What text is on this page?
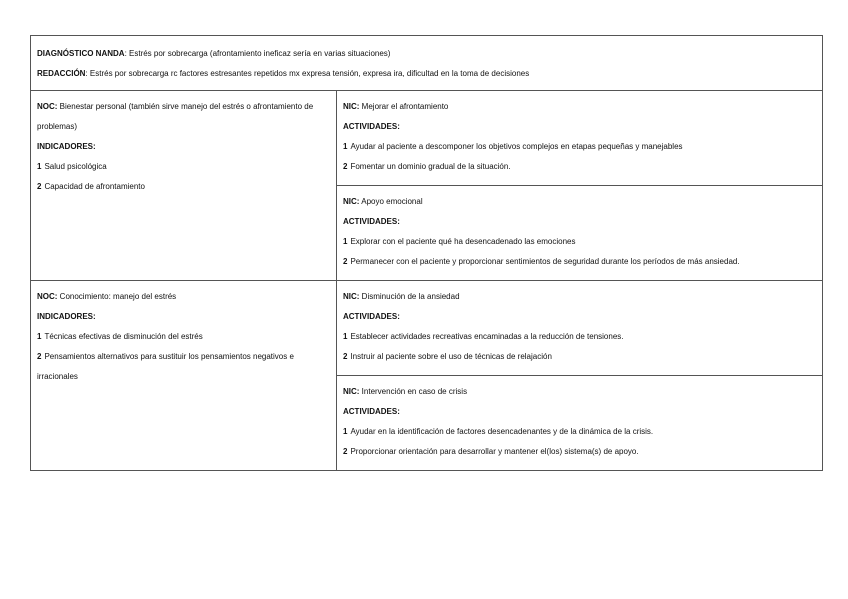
DIAGNÓSTICO NANDA: Estrés por sobrecarga (afrontamiento ineficaz sería en varias situaciones)
REDACCIÓN: Estrés por sobrecarga rc factores estresantes repetidos mx expresa tensión, expresa ira, dificultad en la toma de decisiones	

NOC: Bienestar personal (también sirve manejo del estrés o afrontamiento de problemas)
INDICADORES:
1 Salud psicológica
2 Capacidad de afrontamiento	NIC: Mejorar el afrontamiento
ACTIVIDADES:
1 Ayudar al paciente a descomponer los objetivos complejos en etapas pequeñas y manejables
2 Fomentar un dominio gradual de la situación.

	NIC: Apoyo emocional
ACTIVIDADES:
1 Explorar con el paciente qué ha desencadenado las emociones
2 Permanecer con el paciente y proporcionar sentimientos de seguridad durante los períodos de más ansiedad.

NOC: Conocimiento: manejo del estrés
INDICADORES:
1 Técnicas efectivas de disminución del estrés
2 Pensamientos alternativos para sustituir los pensamientos negativos e irracionales	NIC: Disminución de la ansiedad
ACTIVIDADES:
1 Establecer actividades recreativas encaminadas a la reducción de tensiones.
2 Instruir al paciente sobre el uso de técnicas de relajación

	NIC: Intervención en caso de crisis
ACTIVIDADES:
1 Ayudar en la identificación de factores desencadenantes y de la dinámica de la crisis.
2 Proporcionar orientación para desarrollar y mantener el(los) sistema(s) de apoyo.
